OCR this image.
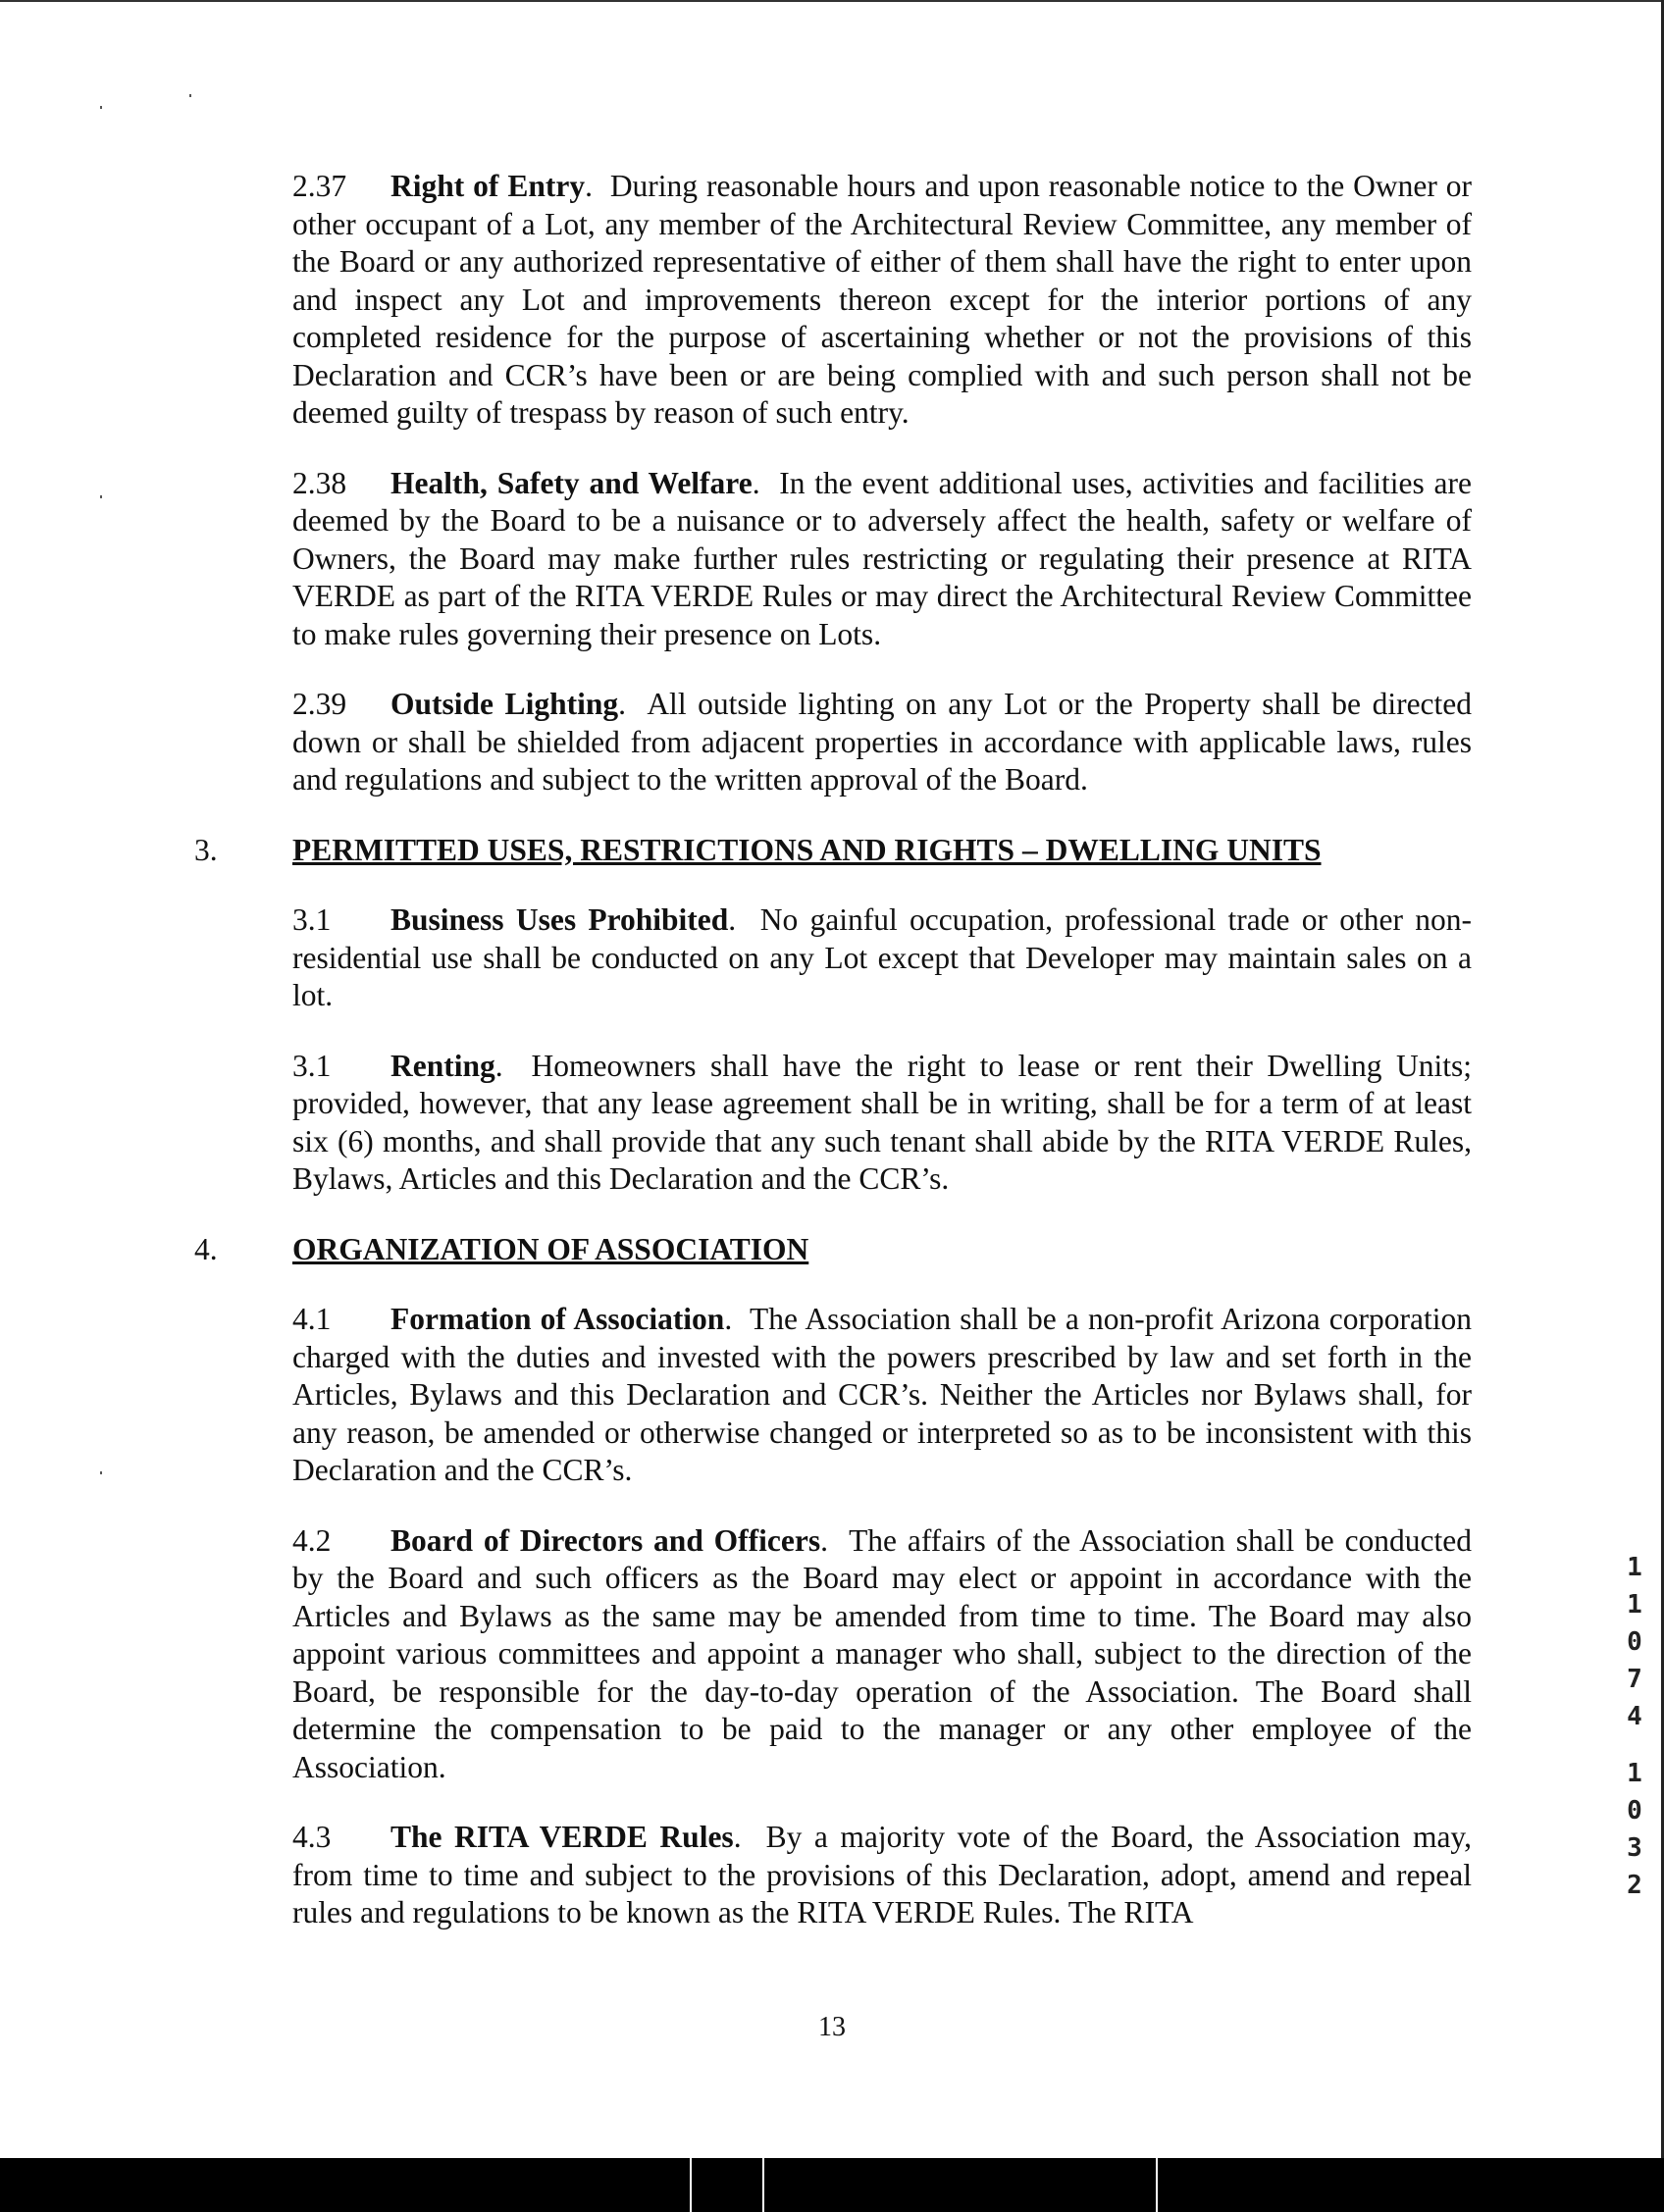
2.37 Right of Entry.  During reasonable hours and upon reasonable notice to the Owner or other occupant of a Lot, any member of the Architectural Review Committee, any member of the Board or any authorized representative of either of them shall have the right to enter upon and inspect any Lot and improvements thereon except for the interior portions of any completed residence for the purpose of ascertaining whether or not the provisions of this Declaration and CCR’s have been or are being complied with and such person shall not be deemed guilty of trespass by reason of such entry.

2.38 Health, Safety and Welfare.  In the event additional uses, activities and facilities are deemed by the Board to be a nuisance or to adversely affect the health, safety or welfare of Owners, the Board may make further rules restricting or regulating their presence at RITA VERDE as part of the RITA VERDE Rules or may direct the Architectural Review Committee to make rules governing their presence on Lots.

2.39 Outside Lighting.  All outside lighting on any Lot or the Property shall be directed down or shall be shielded from adjacent properties in accordance with applicable laws, rules and regulations and subject to the written approval of the Board.

3. PERMITTED USES, RESTRICTIONS AND RIGHTS – DWELLING UNITS

3.1 Business Uses Prohibited.  No gainful occupation, professional trade or other non-residential use shall be conducted on any Lot except that Developer may maintain sales on a lot.

3.1 Renting.  Homeowners shall have the right to lease or rent their Dwelling Units; provided, however, that any lease agreement shall be in writing, shall be for a term of at least six (6) months, and shall provide that any such tenant shall abide by the RITA VERDE Rules, Bylaws, Articles and this Declaration and the CCR’s.

4. ORGANIZATION OF ASSOCIATION

4.1 Formation of Association.  The Association shall be a non-profit Arizona corporation charged with the duties and invested with the powers prescribed by law and set forth in the Articles, Bylaws and this Declaration and CCR’s. Neither the Articles nor Bylaws shall, for any reason, be amended or otherwise changed or interpreted so as to be inconsistent with this Declaration and the CCR’s.

4.2 Board of Directors and Officers.  The affairs of the Association shall be conducted by the Board and such officers as the Board may elect or appoint in accordance with the Articles and Bylaws as the same may be amended from time to time. The Board may also appoint various committees and appoint a manager who shall, subject to the direction of the Board, be responsible for the day-to-day operation of the Association. The Board shall determine the compensation to be paid to the manager or any other employee of the Association.

4.3 The RITA VERDE Rules.  By a majority vote of the Board, the Association may, from time to time and subject to the provisions of this Declaration, adopt, amend and repeal rules and regulations to be known as the RITA VERDE Rules. The RITA

1
1
0
7
4
1
0
3
2
13
